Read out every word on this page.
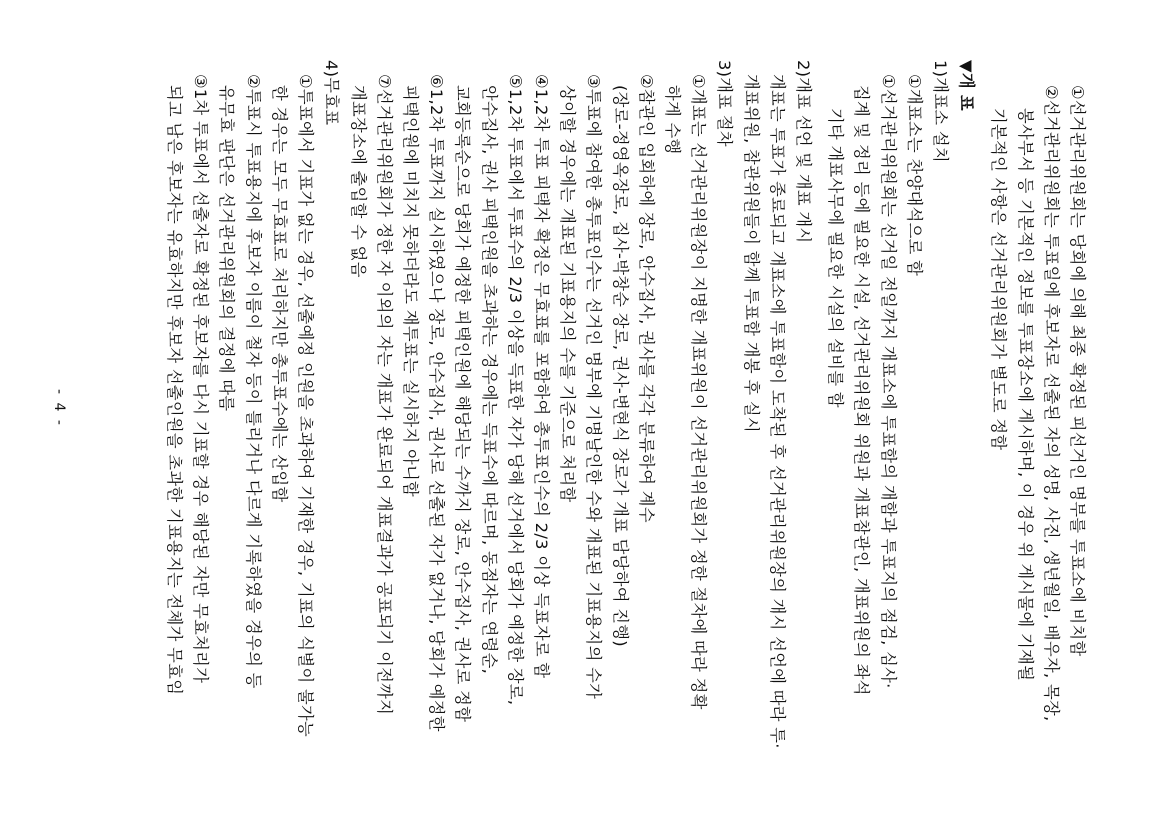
①선거관리위원회는 당회에 의해 최종 확정된 피선거인 명부를 투표소에 비치함
②선거관리위원회는 투표일에 후보자로 선출된 자의 성명, 사진, 생년월일, 배우자, 목장,
봉사부서 등 기본적인 정보를 투표장소에 게시하며, 이 경우 위 게시물에 기재될
기본적인 사항은 선거관리위원회가 별도로 정함
▼개 표
1)개표소 설치
①개표소는 찬양대석으로 함
①선거관리위원회는 선거일 전일까지 개표소에 투표함의 개함과 투표지의 점검, 심사·
집계 및 정리 등에 필요한 시설, 선거관리위원회 위원과 개표참관인, 개표위원의 좌석
기타 개표사무에 필요한 시설의 설비를 함
2)개표 선언 및 개표 개시
개표는 투표가 종료되고 개표소에 투표함이 도착된 후 선거관리위원장의 개시 선언에 따라 투·
개표위원, 참관위원들이 함께 투표함 개봉 후 실시
3)개표 절차
①개표는 선거관리위원장이 지명한 개표위원이 선거관리위원회가 정한 절차에 따라 정확
하게 수행
②참관인 입회하에 장로, 안수집사, 권사를 각각 분류하여 계수
(장로-정영옥장로, 집사-박창순 장로, 권사-변현식 장로가 개표 담당하여 진행)
③투표에 참여한 총투표인수는 선거인 명부에 기명날인한 수와 개표된 기표용지의 수가
상이할 경우에는 개표된 기표용지의 수를 기준으로 처리함
④1,2차 투표 피택자 확정은 무효표를 포함하여 총투표인수의 2/3 이상 득표자로 함
⑤1,2차 투표에서 투표수의 2/3 이상을 득표한 자가 당해 선거에서 당회가 예정한 장로,
안수집사, 권사 피택인원을 초과하는 경우에는 득표수에 따르며, 동점자는 연령순,
교회등록순으로 당회가 예정한 피택인원에 해당되는 수까지 장로, 안수집사, 권사로 정함
⑥1,2차 투표까지 실시하였으나 장로, 안수집사, 권사로 선출된 자가 없거나, 당회가 예정한
피택인원에 미치지 못하더라도 재투표는 실시하지 아니함
⑦선거관리위원회가 정한 자 이외의 자는 개표가 완료되어 개표결과가 공표되기 이전까지
개표장소에 출입할 수 없음
4)무효표
①투표에서 기표가 없는 경우, 선출예정 인원을 초과하여 기재한 경우, 기표의 식별이 불가능
한 경우는 모두 무효표로 처리하지만 총투표수에는 산입함
②투표시 투표용지에 후보자 이름이 철자 등이 틀리거나 다르게 기록하였을 경우의 등
유무효 판단은 선거관리위원회의 결정에 따름
③1차 투표에서 선출자로 확정된 후보자를 다시 기표할 경우 해당된 자만 무효처리가
되고 남은 후보자는 유효하지만 후보자 선출인원을 초과한 기표용지는 전체가 무효임
- 4 -
